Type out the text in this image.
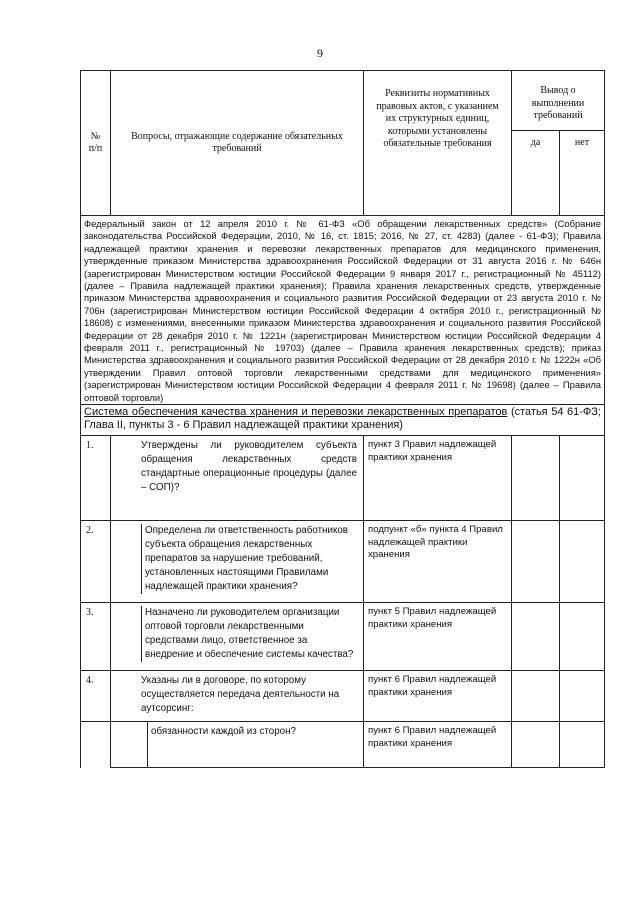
9
№
п/п	Вопросы, отражающие содержание обязательных требований	Реквизиты нормативных правовых актов, с указанием их структурных единиц, которыми установлены обязательные требования	Вывод о выполнении требований	

			да	нет
Федеральный закон от 12 апреля 2010 г. № 61-ФЗ «Об обращении лекарственных средств» (Собрание законодательства Российской Федерации, 2010, № 16, ст. 1815; 2016, № 27, ст. 4283) (далее - 61-ФЗ); Правила надлежащей практики хранения и перевозки лекарственных препаратов для медицинского применения, утвержденные приказом Министерства здравоохранения Российской Федерации от 31 августа 2016 г. № 646н (зарегистрирован Министерством юстиции Российской Федерации 9 января 2017 г., регистрационный № 45112) (далее – Правила надлежащей практики хранения); Правила хранения лекарственных средств, утвержденные приказом Министерства здравоохранения и социального развития Российской Федерации от 23 августа 2010 г. № 706н (зарегистрирован Министерством юстиции Российской Федерации 4 октября 2010 г., регистрационный № 18608) с изменениями, внесенными приказом Министерства здравоохранения и социального развития Российской Федерации от 28 декабря 2010 г. № 1221н (зарегистрирован Министерством юстиции Российской Федерации 4 февраля 2011 г., регистрационный № 19703) (далее – Правила хранения лекарственных средств); приказ Министерства здравоохранения и социального развития Российской Федерации от 28 декабря 2010 г. № 1222н «Об утверждении Правил оптовой торговли лекарственными средствами для медицинского применения» (зарегистрирован Министерством юстиции Российской Федерации 4 февраля 2011 г. № 19698) (далее – Правила оптовой торговли)				
Система обеспечения качества хранения и перевозки лекарственных препаратов (статья 54 61-ФЗ; Глава II, пункты 3 - 6 Правил надлежащей практики хранения)				
1.	Утверждены ли руководителем субъекта обращения лекарственных средств стандартные операционные процедуры (далее – СОП)?	пункт 3 Правил надлежащей практики хранения		
2.	Определена ли ответственность работников субъекта обращения лекарственных препаратов за нарушение требований, установленных настоящими Правилами надлежащей практики хранения?	подпункт «б» пункта 4 Правил надлежащей практики хранения		
3.	Назначено ли руководителем организации оптовой торговли лекарственными средствами лицо, ответственное за внедрение и обеспечение системы качества?	пункт 5 Правил надлежащей практики хранения		
4.	Указаны ли в договоре, по которому осуществляется передача деятельности на аутсорсинг:	пункт 6 Правил надлежащей практики хранения		

	обязанности каждой из сторон?	пункт 6 Правил надлежащей практики хранения		
